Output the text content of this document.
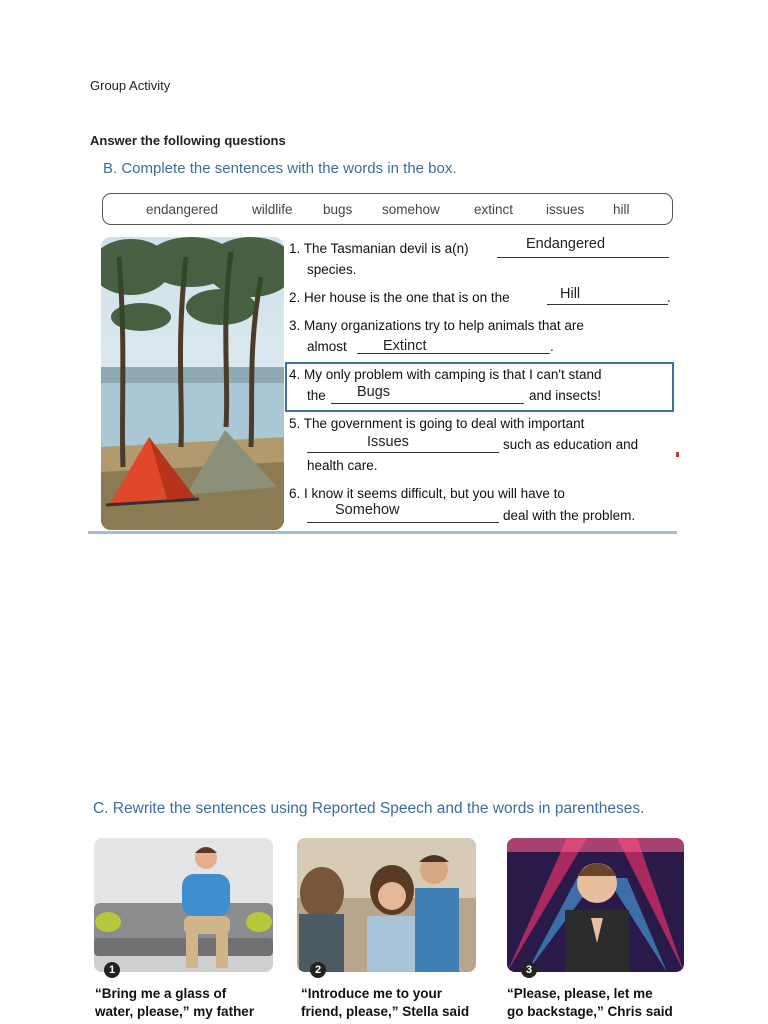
Group Activity
Answer the following questions
B. Complete the sentences with the words in the box.
endangered	wildlife bugs somehow	extinct issues hill
1. The Tasmanian devil is a(n)	Endangered
species.
2. Her house is the one that is on the	Hill	.
3. Many organizations try to help animals that are
almost Extinct	.
4. My only problem with camping is that I can't stand
the Bugs	and insects!
5. The government is going to deal with important
Issues	such as education and
health care.
6. I know it seems difficult, but you will have to
Somehow	deal with the problem.
C. Rewrite the sentences using Reported Speech and the words in parentheses.
1	2	3
“Bring me a glass of
water, please,” my father
“Introduce me to your
friend, please,” Stella said
“Please, please, let me
go backstage,” Chris said
